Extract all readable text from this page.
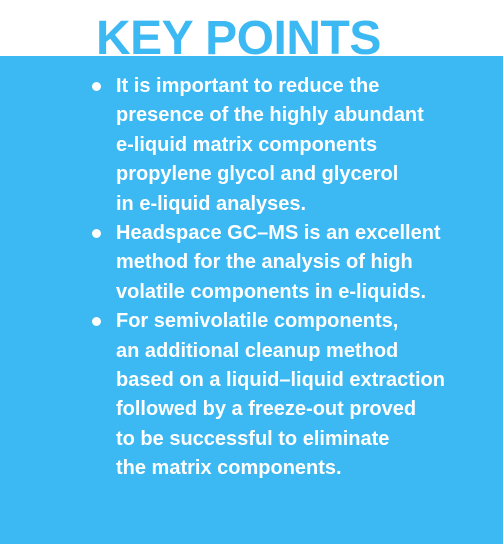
KEY POINTS
It is important to reduce the
presence of the highly abundant
e-liquid matrix components
propylene glycol and glycerol
in e-liquid analyses.
Headspace GC–MS is an excellent
method for the analysis of high
volatile components in e-liquids.
For semivolatile components,
an additional cleanup method
based on a liquid–liquid extraction
followed by a freeze-out proved
to be successful to eliminate
the matrix components.
